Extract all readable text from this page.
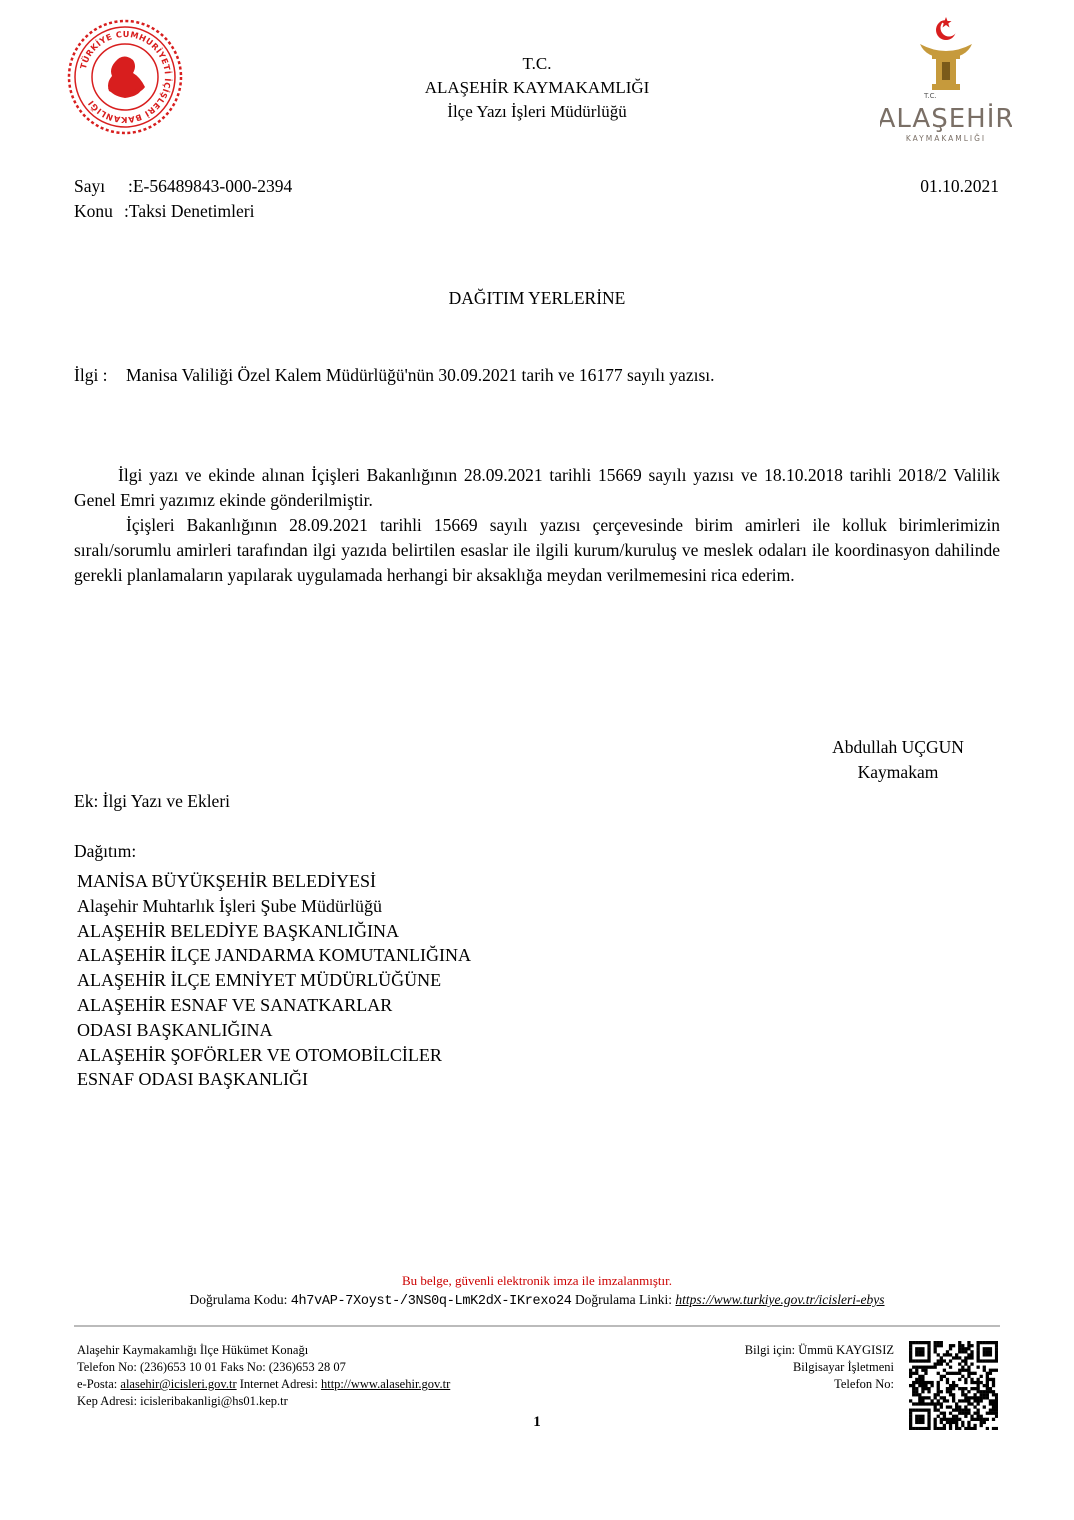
TÜRKİYE CUMHURİYETİ İÇİŞLERİ BAKANLIĞI
T.C.
ALAŞEHİR KAYMAKAMLIĞI
İlçe Yazı İşleri Müdürlüğü
T.C.
ALAŞEHİR
KAYMAKAMLIĞI
Sayı :E-56489843-000-2394
Konu :Taksi Denetimleri
01.10.2021
DAĞITIM YERLERİNE
İlgi : Manisa Valiliği Özel Kalem Müdürlüğü'nün 30.09.2021 tarih ve 16177 sayılı yazısı.

İlgi yazı ve ekinde alınan İçişleri Bakanlığının 28.09.2021 tarihli 15669 sayılı yazısı ve 18.10.2018 tarihli 2018/2 Valilik Genel Emri yazımız ekinde gönderilmiştir.

İçişleri Bakanlığının 28.09.2021 tarihli 15669 sayılı yazısı çerçevesinde birim amirleri ile kolluk birimlerimizin sıralı/sorumlu amirleri tarafından ilgi yazıda belirtilen esaslar ile ilgili kurum/kuruluş ve meslek odaları ile koordinasyon dahilinde gerekli planlamaların yapılarak uygulamada herhangi bir aksaklığa meydan verilmemesini rica ederim.

Abdullah UÇGUN
Kaymakam
Ek: İlgi Yazı ve Ekleri
Dağıtım:
MANİSA BÜYÜKŞEHİR BELEDİYESİ
Alaşehir Muhtarlık İşleri Şube Müdürlüğü
ALAŞEHİR BELEDİYE BAŞKANLIĞINA
ALAŞEHİR İLÇE JANDARMA KOMUTANLIĞINA
ALAŞEHİR İLÇE EMNİYET MÜDÜRLÜĞÜNE
ALAŞEHİR ESNAF VE SANATKARLAR
ODASI BAŞKANLIĞINA
ALAŞEHİR ŞOFÖRLER VE OTOMOBİLCİLER
ESNAF ODASI BAŞKANLIĞI
Bu belge, güvenli elektronik imza ile imzalanmıştır.
Doğrulama Kodu: 4h7vAP-7Xoyst-/3NS0q-LmK2dX-IKrexo24 Doğrulama Linki: https://www.turkiye.gov.tr/icisleri-ebys
Alaşehir Kaymakamlığı İlçe Hükümet Konağı
Telefon No: (236)653 10 01 Faks No: (236)653 28 07
e-Posta: alasehir@icisleri.gov.tr Internet Adresi: http://www.alasehir.gov.tr
Kep Adresi: icisleribakanligi@hs01.kep.tr
Bilgi için: Ümmü KAYGISIZ
Bilgisayar İşletmeni
Telefon No:
1
